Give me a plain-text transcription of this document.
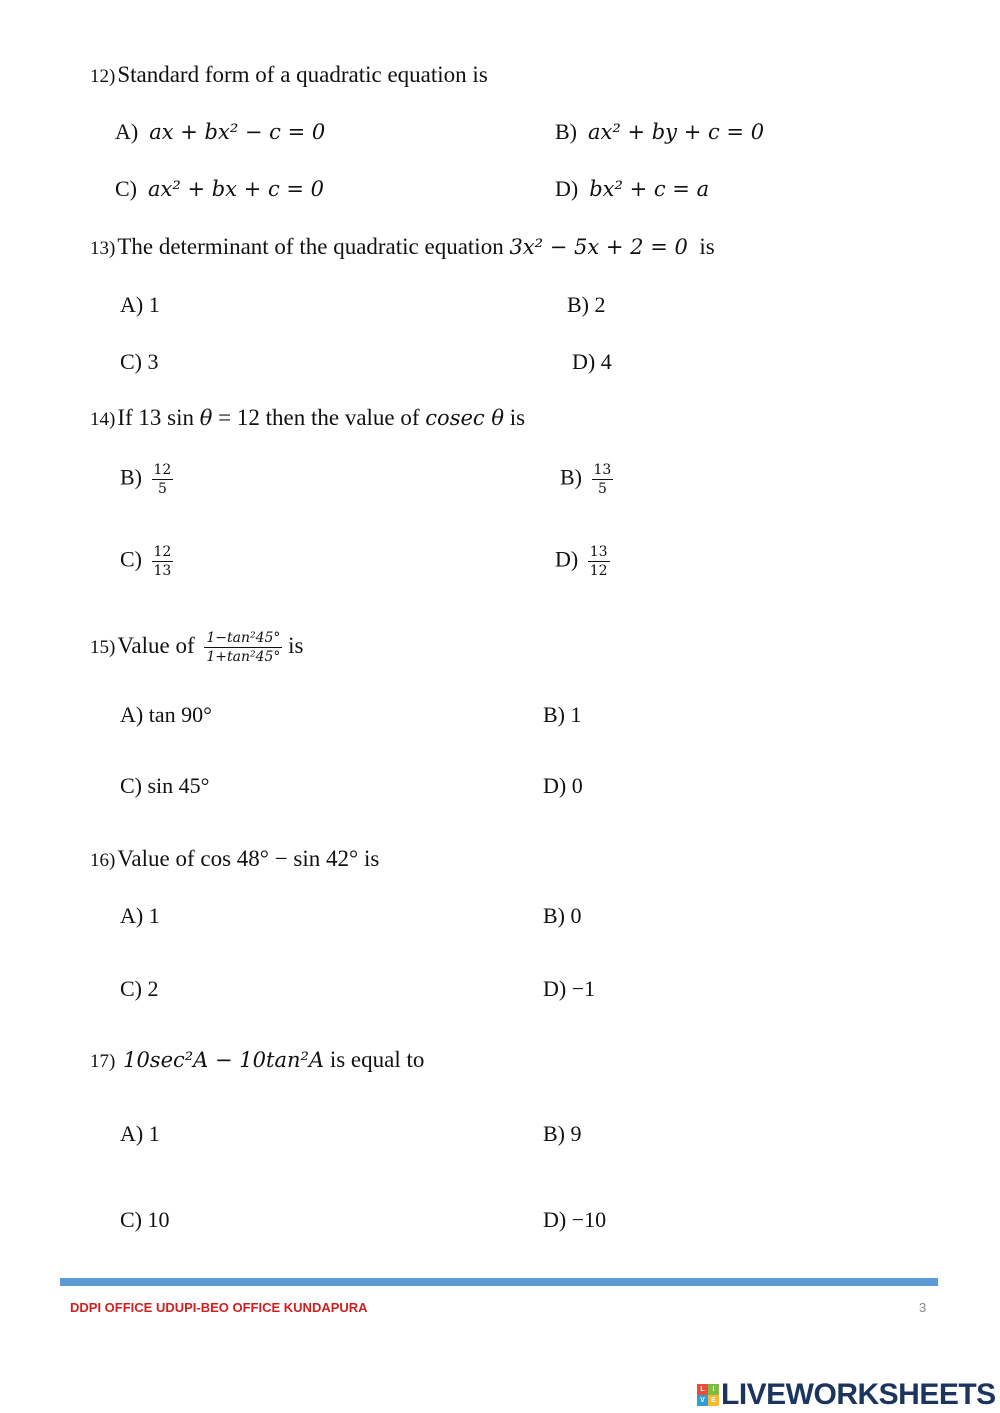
12)Standard form of a quadratic equation is
A) ax + bx² − c = 0	B) ax² + by + c = 0
C) ax² + bx + c = 0	D) bx² + c = a
13)The determinant of the quadratic equation 3x² − 5x + 2 = 0 is
A) 1	B) 2
C) 3	D) 4
14)If 13 sin θ = 12 then the value of cosec θ is
$B) \frac{12}{5}$	$B) \frac{13}{5}$
$C) \frac{12}{13}$	$D) \frac{13}{12}$
15)Value of $\frac{\text{1−tan²45°}}{\text{1+tan²45°}}$ is
A) tan 90°	B) 1
C) sin 45°	D) 0
16)Value of cos 48° − sin 42° is
A) 1	B) 0
C) 2	D) −1
17) 10sec²A − 10tan²A is equal to
A) 1	B) 9
C) 10	D) −10
DDPI OFFICE UDUPI-BEO OFFICE KUNDAPURA	3
L	I
V E LIVEWORKSHEETS
